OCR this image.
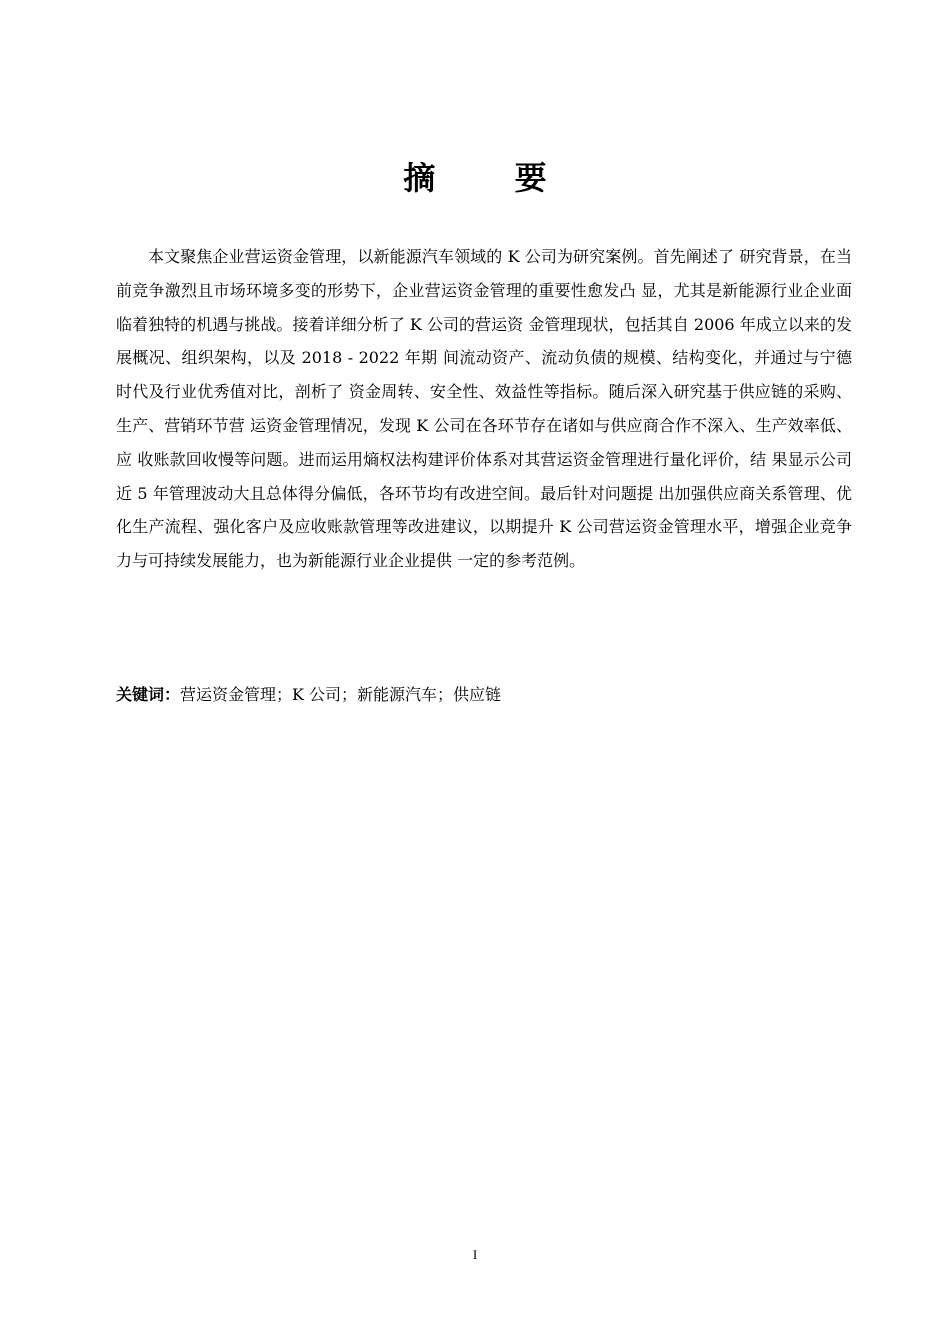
摘 要

本文聚焦企业营运资金管理，以新能源汽车领域的 K 公司为研究案例。首先阐述了 研究背景，在当前竞争激烈且市场环境多变的形势下，企业营运资金管理的重要性愈发凸 显，尤其是新能源行业企业面临着独特的机遇与挑战。接着详细分析了 K 公司的营运资 金管理现状，包括其自 2006 年成立以来的发展概况、组织架构，以及 2018 - 2022 年期 间流动资产、流动负债的规模、结构变化，并通过与宁德时代及行业优秀值对比，剖析了 资金周转、安全性、效益性等指标。随后深入研究基于供应链的采购、生产、营销环节营 运资金管理情况，发现 K 公司在各环节存在诸如与供应商合作不深入、生产效率低、应 收账款回收慢等问题。进而运用熵权法构建评价体系对其营运资金管理进行量化评价，结 果显示公司近 5 年管理波动大且总体得分偏低，各环节均有改进空间。最后针对问题提 出加强供应商关系管理、优化生产流程、强化客户及应收账款管理等改进建议，以期提升 K 公司营运资金管理水平，增强企业竞争力与可持续发展能力，也为新能源行业企业提供 一定的参考范例。

关键词：营运资金管理；K 公司；新能源汽车；供应链

I
